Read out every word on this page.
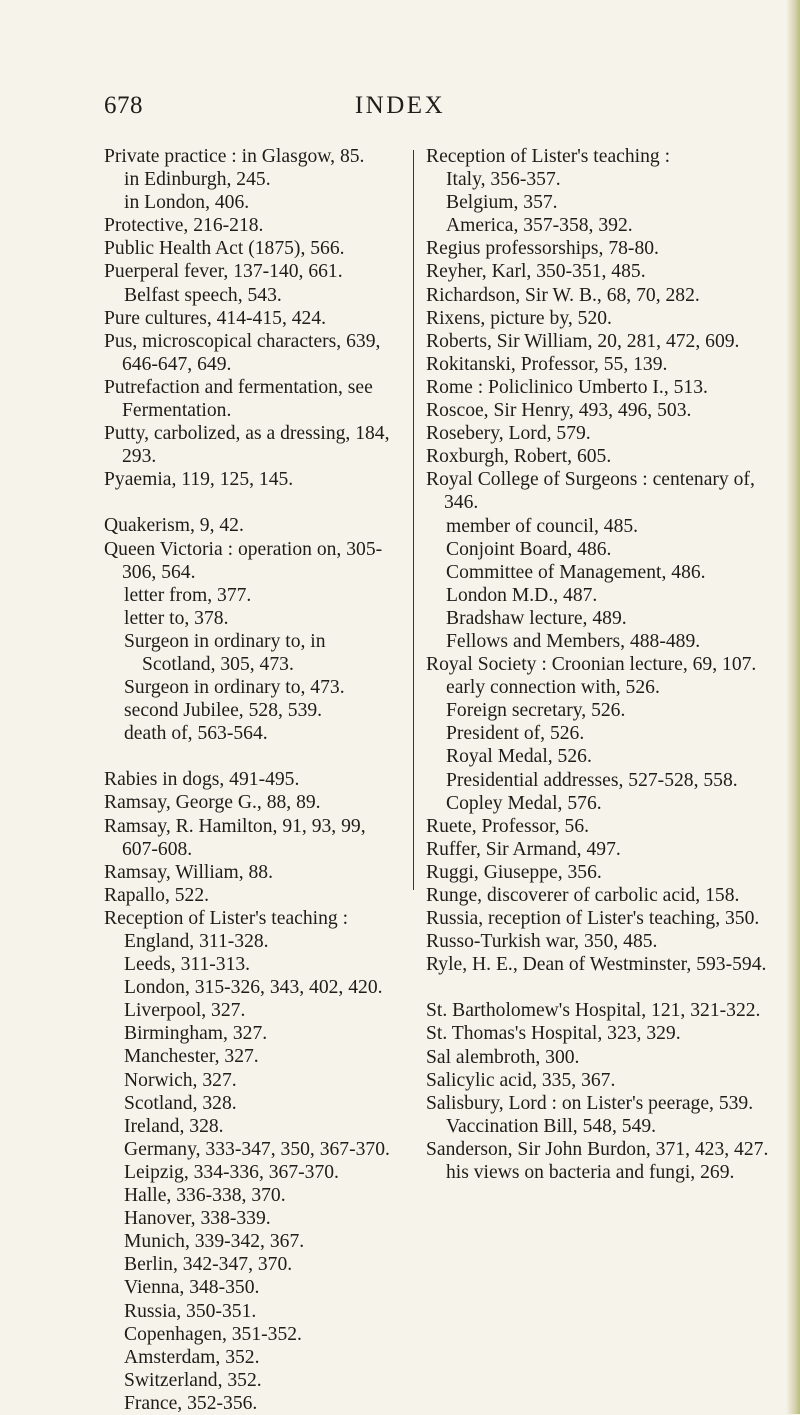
678	INDEX

Private practice : in Glasgow, 85.

in Edinburgh, 245.

in London, 406.

Protective, 216-218.

Public Health Act (1875), 566.

Puerperal fever, 137-140, 661.

Belfast speech, 543.

Pure cultures, 414-415, 424.

Pus, microscopical characters, 639, 646-647, 649.

Putrefaction and fermentation, see Fermentation.

Putty, carbolized, as a dressing, 184, 293.

Pyaemia, 119, 125, 145.

Quakerism, 9, 42.

Queen Victoria : operation on, 305-306, 564.

letter from, 377.

letter to, 378.

Surgeon in ordinary to, in Scotland, 305, 473.

Surgeon in ordinary to, 473.

second Jubilee, 528, 539.

death of, 563-564.

Rabies in dogs, 491-495.

Ramsay, George G., 88, 89.

Ramsay, R. Hamilton, 91, 93, 99, 607-608.

Ramsay, William, 88.

Rapallo, 522.

Reception of Lister's teaching :

England, 311-328.

Leeds, 311-313.

London, 315-326, 343, 402, 420.

Liverpool, 327.

Birmingham, 327.

Manchester, 327.

Norwich, 327.

Scotland, 328.

Ireland, 328.

Germany, 333-347, 350, 367-370.

Leipzig, 334-336, 367-370.

Halle, 336-338, 370.

Hanover, 338-339.

Munich, 339-342, 367.

Berlin, 342-347, 370.

Vienna, 348-350.

Russia, 350-351.

Copenhagen, 351-352.

Amsterdam, 352.

Switzerland, 352.

France, 352-356.

Reception of Lister's teaching :

Italy, 356-357.

Belgium, 357.

America, 357-358, 392.

Regius professorships, 78-80.

Reyher, Karl, 350-351, 485.

Richardson, Sir W. B., 68, 70, 282.

Rixens, picture by, 520.

Roberts, Sir William, 20, 281, 472, 609.

Rokitanski, Professor, 55, 139.

Rome : Policlinico Umberto I., 513.

Roscoe, Sir Henry, 493, 496, 503.

Rosebery, Lord, 579.

Roxburgh, Robert, 605.

Royal College of Surgeons : centenary of, 346.

member of council, 485.

Conjoint Board, 486.

Committee of Management, 486.

London M.D., 487.

Bradshaw lecture, 489.

Fellows and Members, 488-489.

Royal Society : Croonian lecture, 69, 107.

early connection with, 526.

Foreign secretary, 526.

President of, 526.

Royal Medal, 526.

Presidential addresses, 527-528, 558.

Copley Medal, 576.

Ruete, Professor, 56.

Ruffer, Sir Armand, 497.

Ruggi, Giuseppe, 356.

Runge, discoverer of carbolic acid, 158.

Russia, reception of Lister's teaching, 350.

Russo-Turkish war, 350, 485.

Ryle, H. E., Dean of Westminster, 593-594.

St. Bartholomew's Hospital, 121, 321-322.

St. Thomas's Hospital, 323, 329.

Sal alembroth, 300.

Salicylic acid, 335, 367.

Salisbury, Lord : on Lister's peerage, 539.

Vaccination Bill, 548, 549.

Sanderson, Sir John Burdon, 371, 423, 427.

his views on bacteria and fungi, 269.
